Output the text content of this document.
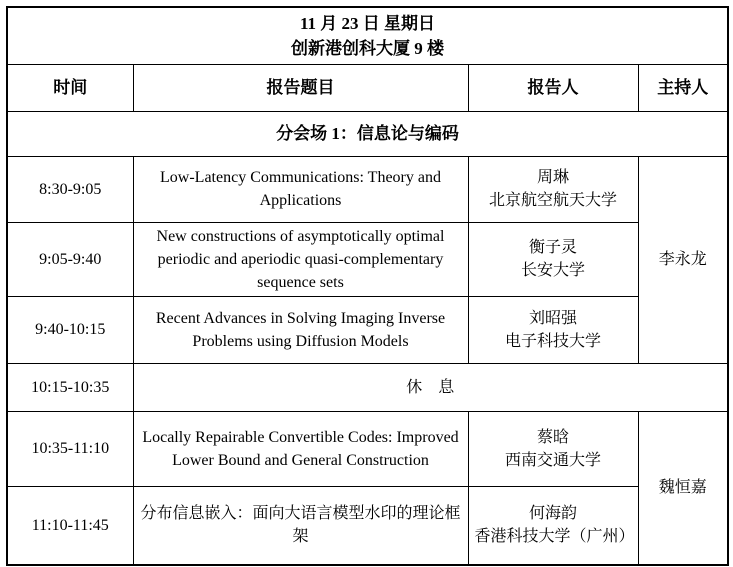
11 月 23 日 星期日
创新港创科大厦 9 楼			

时间	报告题目	报告人	主持人
分会场 1：信息论与编码			
8:30-9:05	Low-Latency Communications: Theory and Applications	周琳
北京航空航天大学	李永龙
9:05-9:40	New constructions of asymptotically optimal periodic and aperiodic quasi-complementary sequence sets	衡子灵
长安大学	

9:40-10:15	Recent Advances in Solving Imaging Inverse Problems using Diffusion Models	刘昭强
电子科技大学	

10:15-10:35	休　息		
10:35-11:10	Locally Repairable Convertible Codes: Improved Lower Bound and General Construction	蔡晗
西南交通大学	魏恒嘉
11:10-11:45	分布信息嵌入：面向大语言模型水印的理论框架	何海韵
香港科技大学（广州）	
